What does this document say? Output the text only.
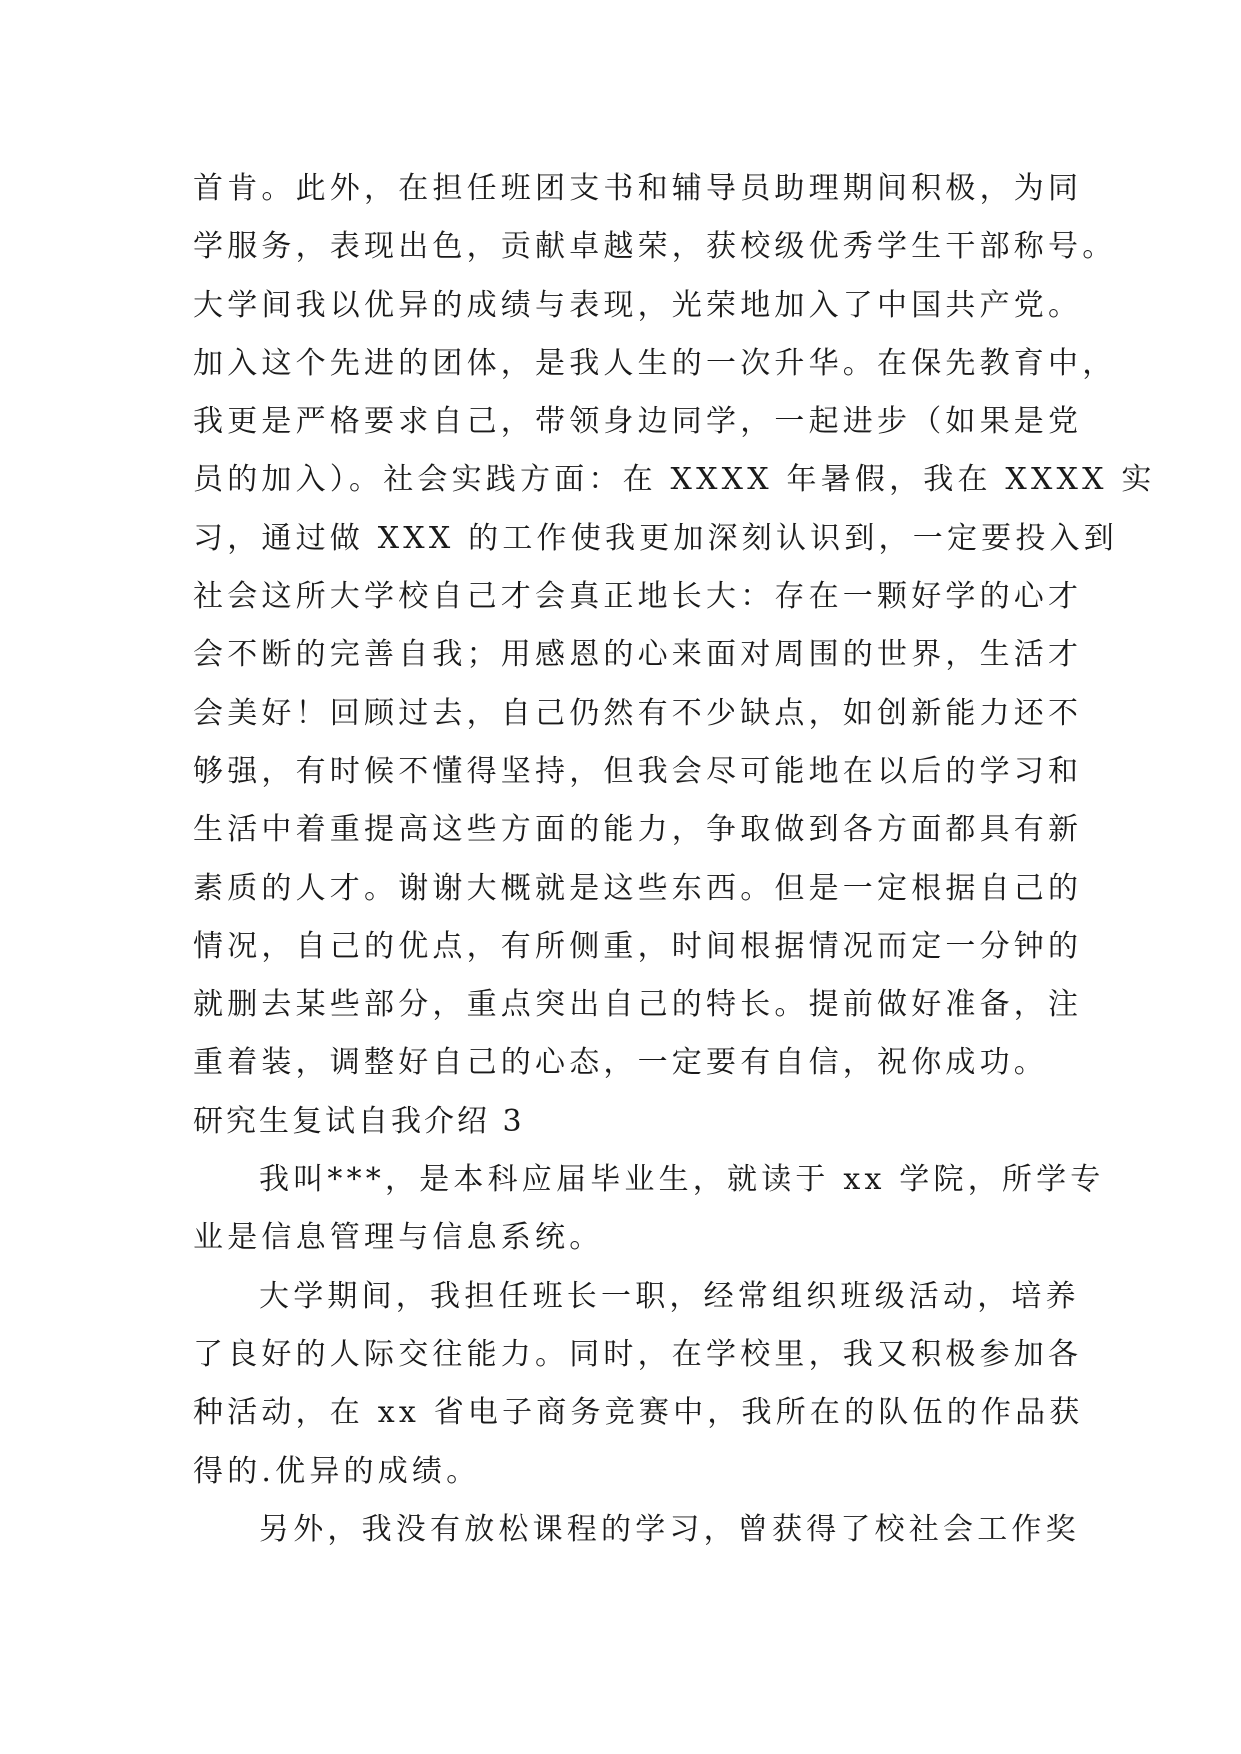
首肯。此外，在担任班团支书和辅导员助理期间积极，为同
学服务，表现出色，贡献卓越荣，获校级优秀学生干部称号。
大学间我以优异的成绩与表现，光荣地加入了中国共产党。
加入这个先进的团体，是我人生的一次升华。在保先教育中，
我更是严格要求自己，带领身边同学，一起进步（如果是党
员的加入）。社会实践方面：在 XXXX 年暑假，我在 XXXX 实
习，通过做 XXX 的工作使我更加深刻认识到，一定要投入到
社会这所大学校自己才会真正地长大：存在一颗好学的心才
会不断的完善自我；用感恩的心来面对周围的世界，生活才
会美好！回顾过去，自己仍然有不少缺点，如创新能力还不
够强，有时候不懂得坚持，但我会尽可能地在以后的学习和
生活中着重提高这些方面的能力，争取做到各方面都具有新
素质的人才。谢谢大概就是这些东西。但是一定根据自己的
情况，自己的优点，有所侧重，时间根据情况而定一分钟的
就删去某些部分，重点突出自己的特长。提前做好准备，注
重着装，调整好自己的心态，一定要有自信，祝你成功。
研究生复试自我介绍 3
我叫***，是本科应届毕业生，就读于 xx 学院，所学专
业是信息管理与信息系统。
大学期间，我担任班长一职，经常组织班级活动，培养
了良好的人际交往能力。同时，在学校里，我又积极参加各
种活动，在 xx 省电子商务竞赛中，我所在的队伍的作品获
得的.优异的成绩。
另外，我没有放松课程的学习，曾获得了校社会工作奖
